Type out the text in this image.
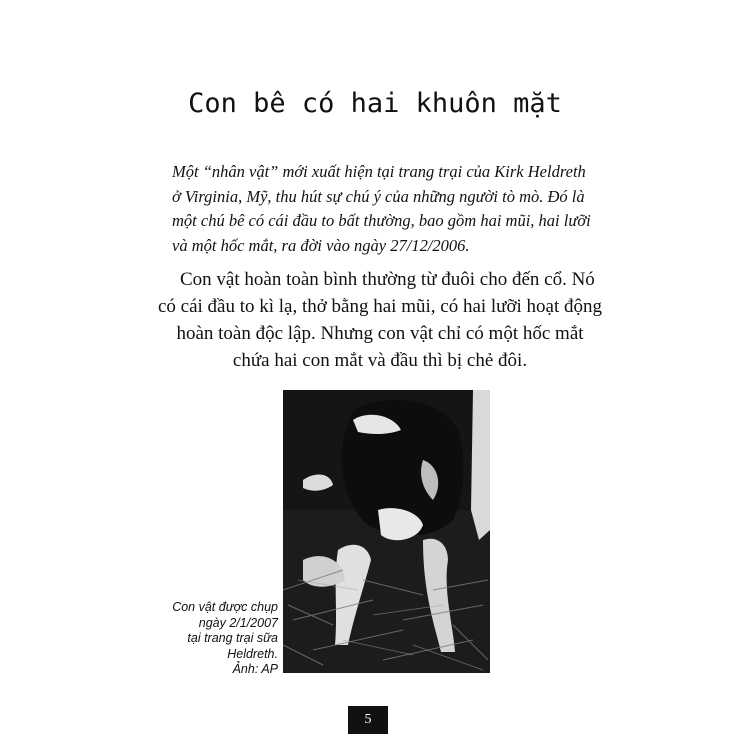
Con bê có hai khuôn mặt
Một “nhân vật” mới xuất hiện tại trang trại của Kirk Heldreth
ở Virginia, Mỹ, thu hút sự chú ý của những người tò mò. Đó là
một chú bê có cái đầu to bất thường, bao gồm hai mũi, hai lưỡi
và một hốc mắt, ra đời vào ngày 27/12/2006.
Con vật hoàn toàn bình thường từ đuôi cho đến cổ. Nó
có cái đầu to kì lạ, thở bằng hai mũi, có hai lưỡi hoạt động
hoàn toàn độc lập. Nhưng con vật chỉ có một hốc mắt
chứa hai con mắt và đầu thì bị chẻ đôi.
Con vật được chụp
ngày 2/1/2007
tại trang trại sữa
Heldreth.
Ảnh: AP
5
